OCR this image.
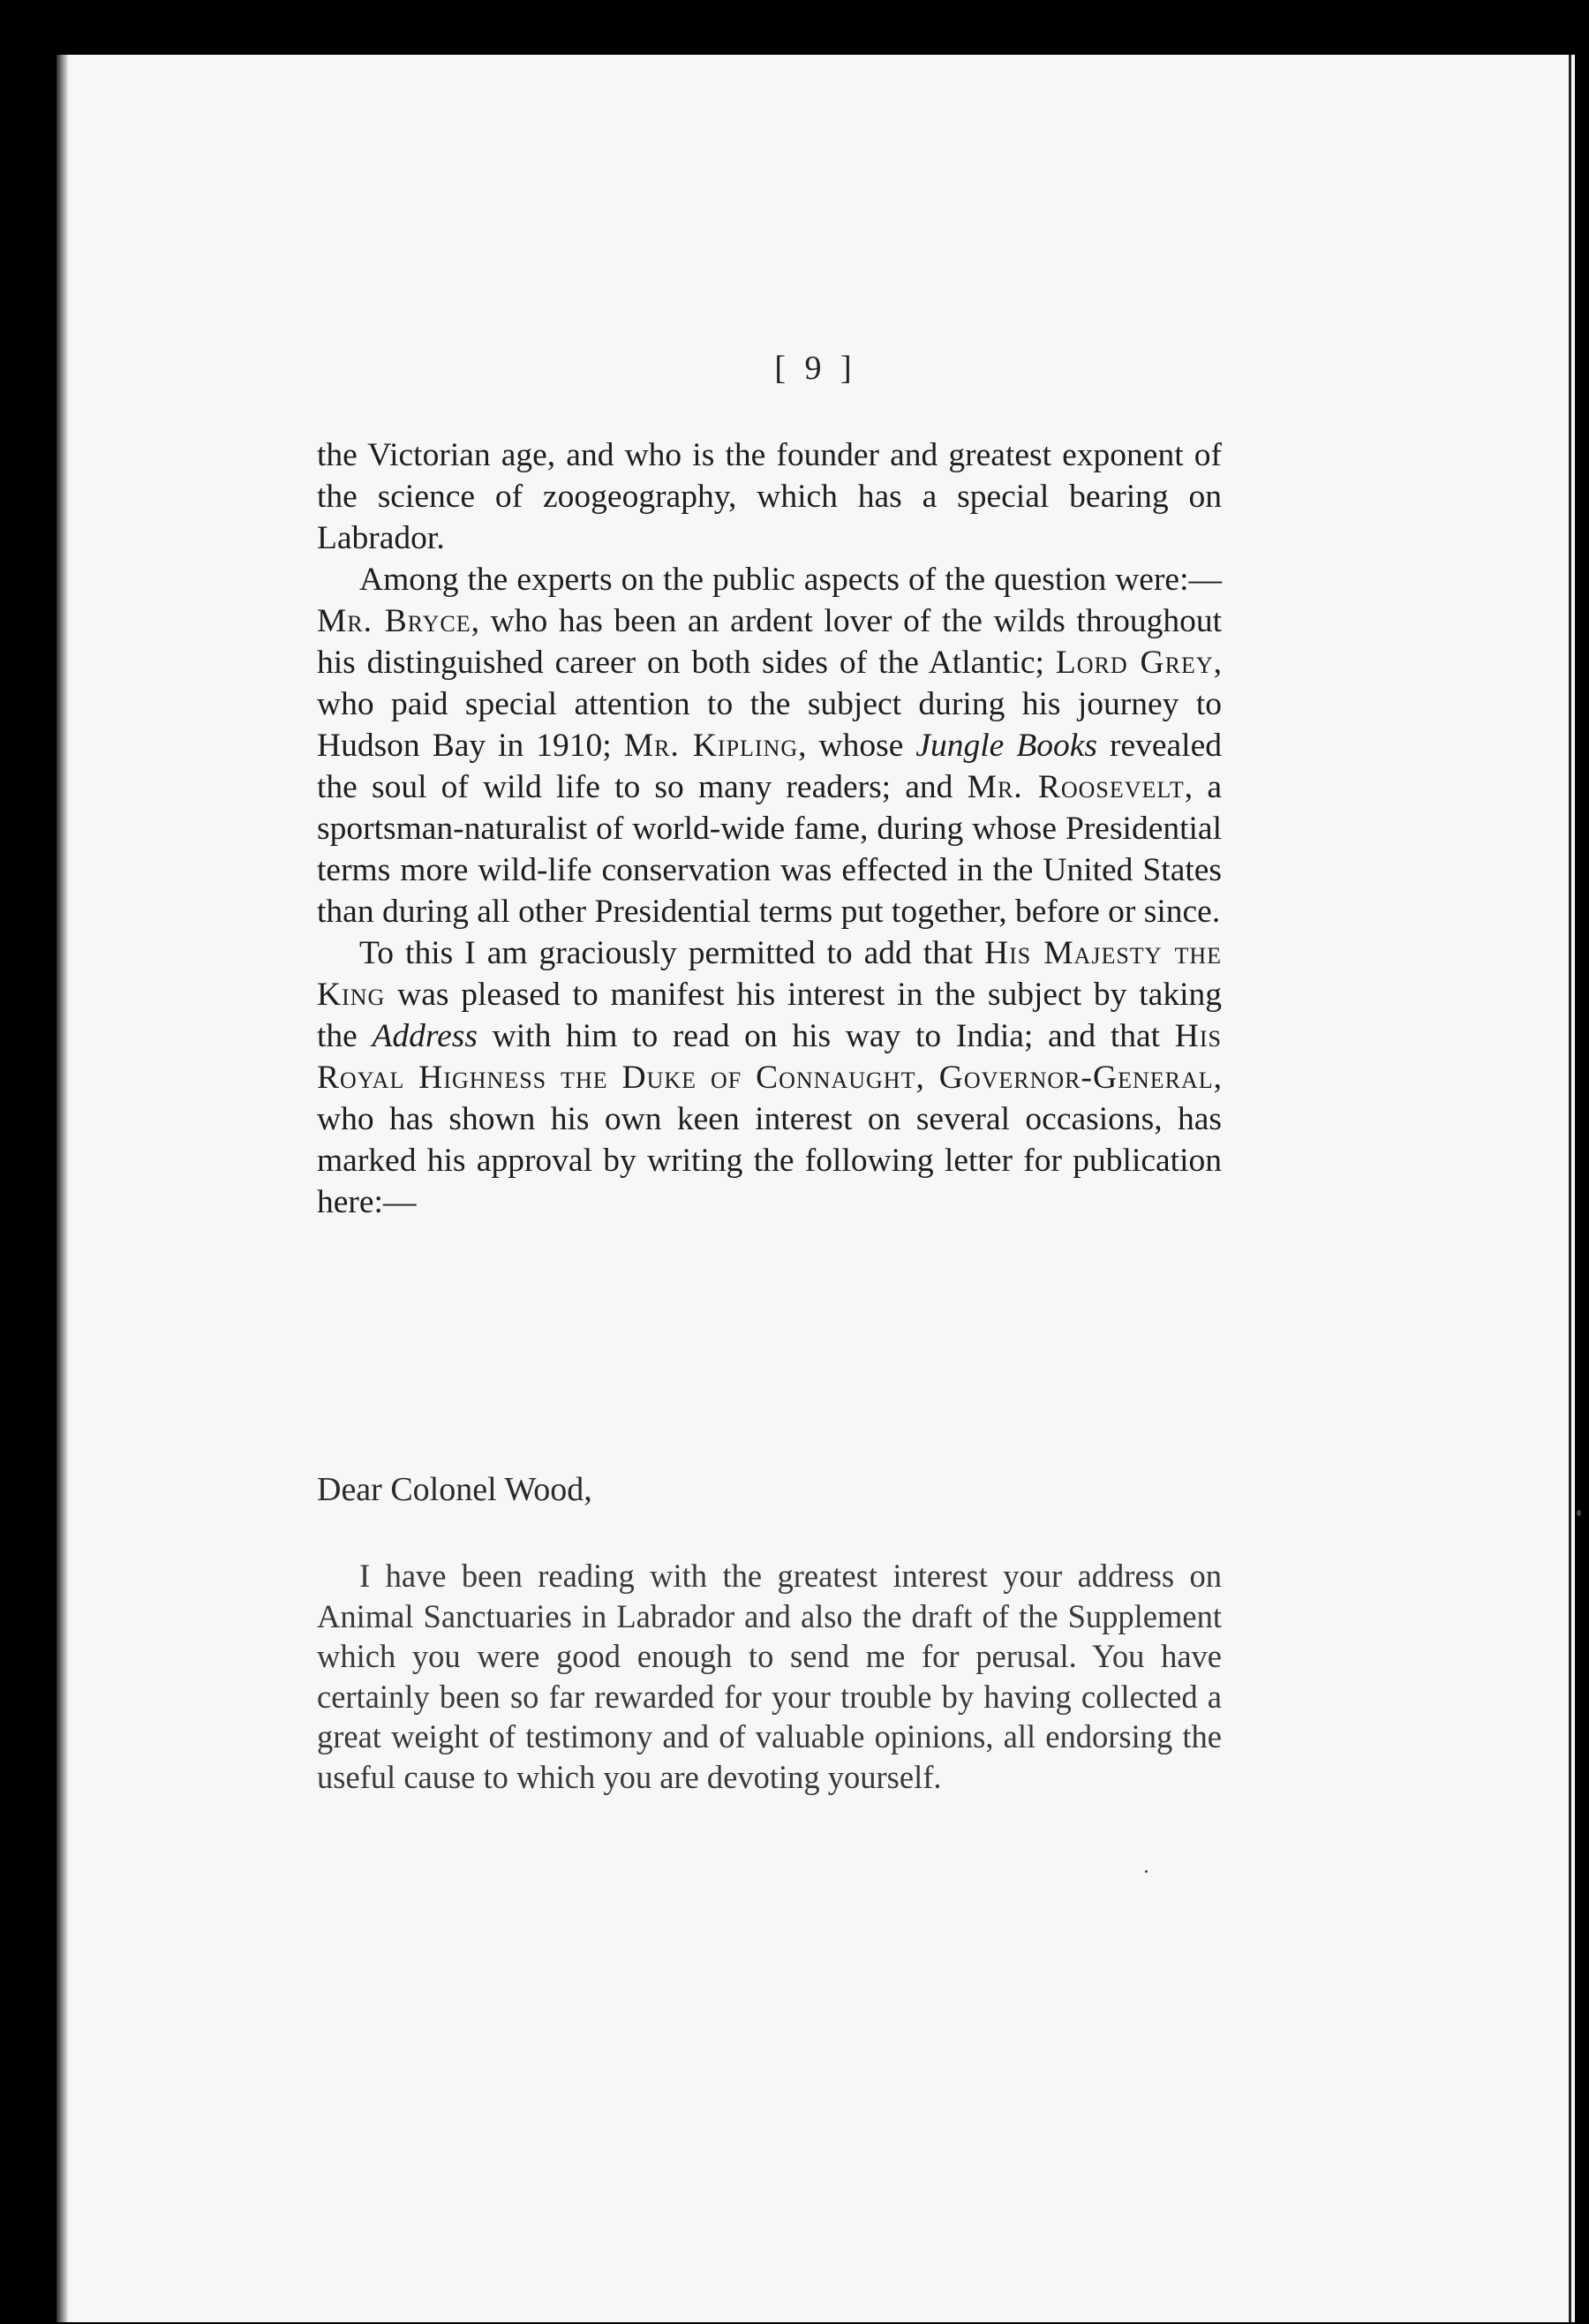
[ 9 ]

the Victorian age, and who is the founder and greatest exponent of the science of zoogeography, which has a special bearing on Labrador.

Among the experts on the public aspects of the question were:—Mr. Bryce, who has been an ardent lover of the wilds throughout his distinguished career on both sides of the Atlantic; Lord Grey, who paid special attention to the subject during his journey to Hudson Bay in 1910; Mr. Kipling, whose Jungle Books revealed the soul of wild life to so many readers; and Mr. Roosevelt, a sportsman-naturalist of world-wide fame, during whose Presidential terms more wild-life conservation was effected in the United States than during all other Presidential terms put together, before or since.

To this I am graciously permitted to add that His Majesty the King was pleased to manifest his interest in the subject by taking the Address with him to read on his way to India; and that His Royal Highness the Duke of Connaught, Governor-General, who has shown his own keen interest on several occasions, has marked his approval by writing the following letter for publication here:—

Dear Colonel Wood,

I have been reading with the greatest interest your address on Animal Sanctuaries in Labrador and also the draft of the Supplement which you were good enough to send me for perusal. You have certainly been so far rewarded for your trouble by having collected a great weight of testimony and of valuable opinions, all endorsing the useful cause to which you are devoting yourself.
